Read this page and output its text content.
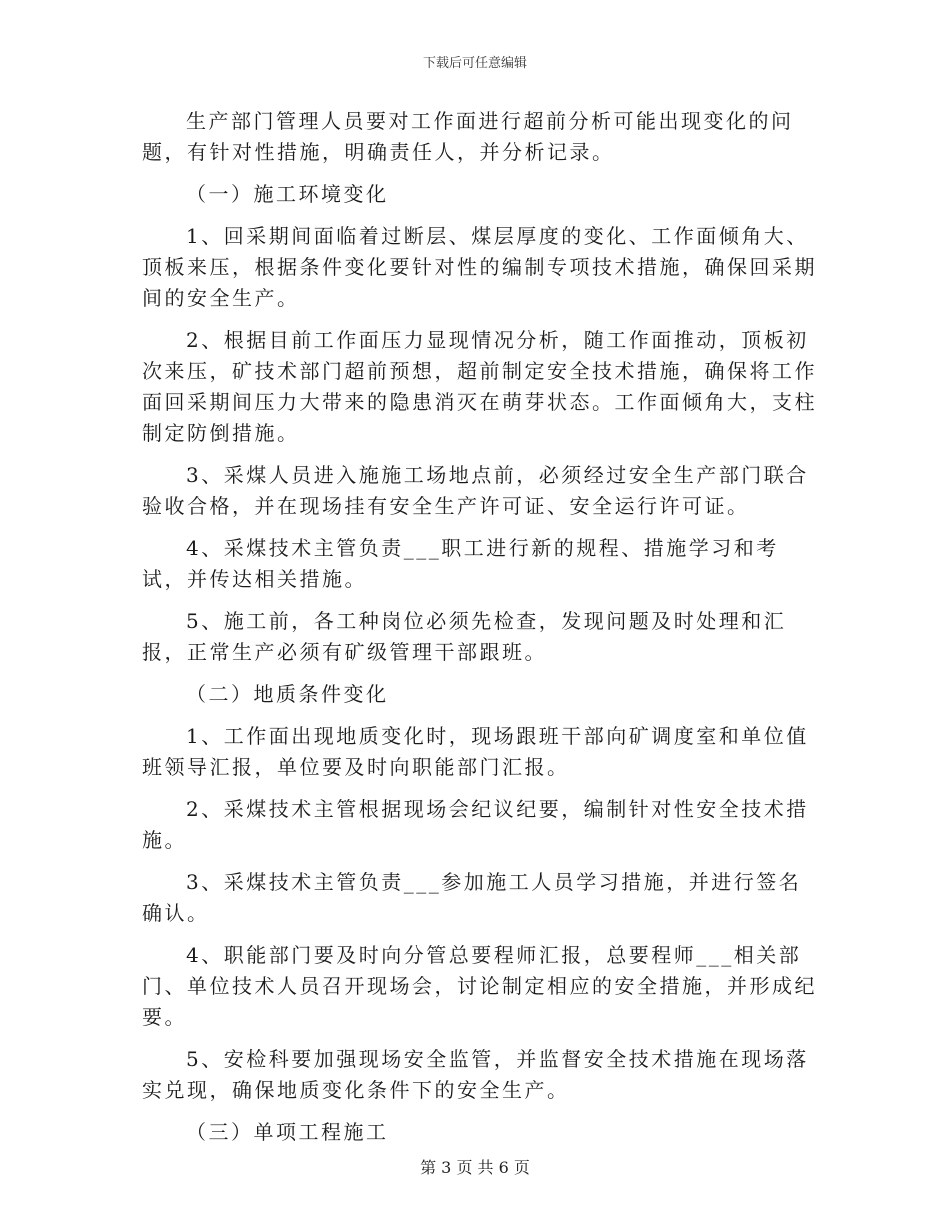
下载后可任意编辑

生产部门管理人员要对工作面进行超前分析可能出现变化的问题，有针对性措施，明确责任人，并分析记录。

（一）施工环境变化

1、回采期间面临着过断层、煤层厚度的变化、工作面倾角大、顶板来压，根据条件变化要针对性的编制专项技术措施，确保回采期间的安全生产。

2、根据目前工作面压力显现情况分析，随工作面推动，顶板初次来压，矿技术部门超前预想，超前制定安全技术措施，确保将工作面回采期间压力大带来的隐患消灭在萌芽状态。工作面倾角大，支柱制定防倒措施。

3、采煤人员进入施施工场地点前，必须经过安全生产部门联合验收合格，并在现场挂有安全生产许可证、安全运行许可证。

4、采煤技术主管负责___职工进行新的规程、措施学习和考试，并传达相关措施。

5、施工前，各工种岗位必须先检查，发现问题及时处理和汇报，正常生产必须有矿级管理干部跟班。

（二）地质条件变化

1、工作面出现地质变化时，现场跟班干部向矿调度室和单位值班领导汇报，单位要及时向职能部门汇报。

2、采煤技术主管根据现场会纪议纪要，编制针对性安全技术措施。

3、采煤技术主管负责___参加施工人员学习措施，并进行签名确认。

4、职能部门要及时向分管总要程师汇报，总要程师___相关部门、单位技术人员召开现场会，讨论制定相应的安全措施，并形成纪要。

5、安检科要加强现场安全监管，并监督安全技术措施在现场落实兑现，确保地质变化条件下的安全生产。

（三）单项工程施工

第 3 页 共 6 页
